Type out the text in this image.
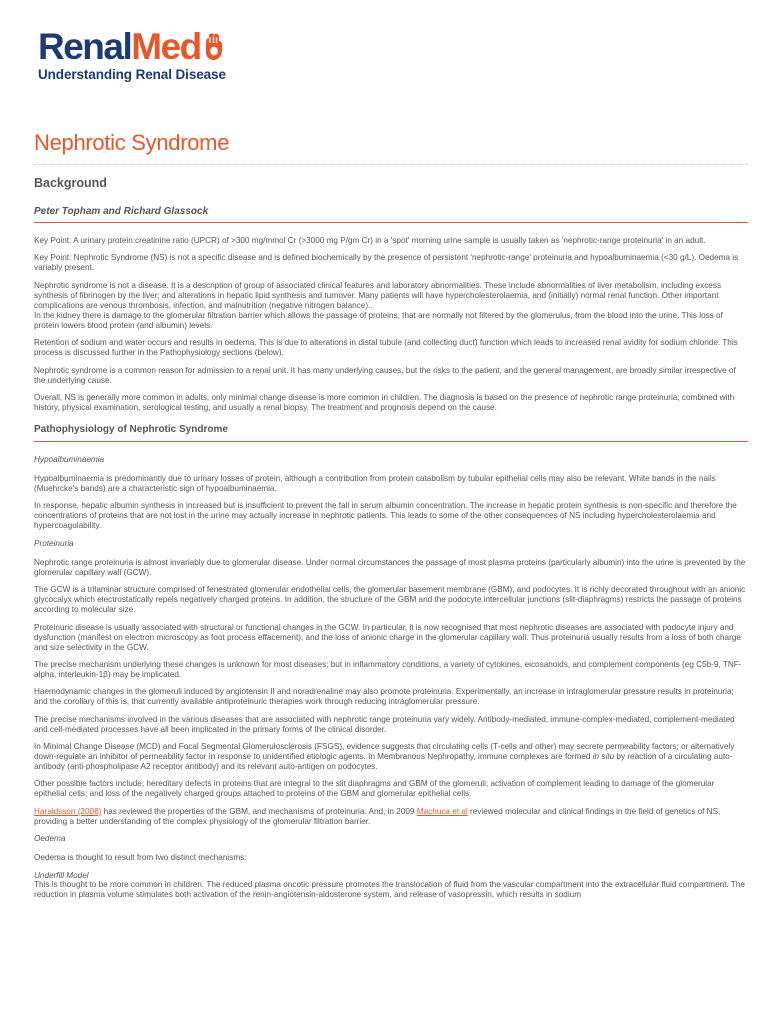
Renal Med
Understanding Renal Disease
Nephrotic Syndrome
Background
Peter Topham and Richard Glassock

Key Point: A urinary protein:creatinine ratio (UPCR) of >300 mg/mmol Cr (>3000 mg P/gm Cr) in a 'spot' morning urine sample is usually taken as 'nephrotic-range proteinuria' in an adult.

Key Point: Nephrotic Syndrome (NS) is not a specific disease and is defined biochemically by the presence of persistent 'nephrotic-range' proteinuria and hypoalbuminaemia (<30 g/L). Oedema is variably present.

Nephrotic syndrome is not a disease. It is a description of group of associated clinical features and laboratory abnormalities. These include abnormalities of liver metabolism, including excess synthesis of fibrinogen by the liver; and alterations in hepatic lipid synthesis and turnover. Many patients will have hypercholesterolaemia, and (initially) normal renal function. Other important complications are venous thrombosis, infection, and malnutrition (negative nitrogen balance)..
In the kidney there is damage to the glomerular filtration barrier which allows the passage of proteins, that are normally not filtered by the glomerulus, from the blood into the urine. This loss of protein lowers blood protein (and albumin) levels.

Retention of sodium and water occurs and results in oedema. This is due to alterations in distal tubule (and collecting duct) function which leads to increased renal avidity for sodium chloride. This process is discussed further in the Pathophysiology sections (below).

Nephrotic syndrome is a common reason for admission to a renal unit. It has many underlying causes, but the risks to the patient, and the general management, are broadly similar irrespective of the underlying cause.

Overall, NS is generally more common in adults; only minimal change disease is more common in children. The diagnosis is based on the presence of nephrotic range proteinuria; combined with history, physical examination, serological testing, and usually a renal biopsy. The treatment and prognosis depend on the cause.

Pathophysiology of Nephrotic Syndrome
Hypoalbuminaemia

Hypoalbuminaemia is predominantly due to urinary losses of protein, although a contribution from protein catabolism by tubular epithelial cells may also be relevant. White bands in the nails (Muehrcke's bands) are a characteristic sign of hypoalbuminaemia.

In response, hepatic albumin synthesis in increased but is insufficient to prevent the fall in serum albumin concentration. The increase in hepatic protein synthesis is non-specific and therefore the concentrations of proteins that are not lost in the urine may actually increase in nephrotic patients. This leads to some of the other consequences of NS including hypercholesterolaemia and hypercoagulability.

Proteinuria

Nephrotic range proteinuria is almost invariably due to glomerular disease. Under normal circumstances the passage of most plasma proteins (particularly albumin) into the urine is prevented by the glomerular capillary wall (GCW).

The GCW is a trilaminar structure comprised of fenestrated glomerular endothelial cells, the glomerular basement membrane (GBM), and podocytes. It is richly decorated throughout with an anionic glycocalyx which electrostatically repels negatively charged proteins. In addition, the structure of the GBM and the podocyte intercellular junctions (slit-diaphragms) restricts the passage of proteins according to molecular size.

Proteinuric disease is usually associated with structural or functional changes in the GCW. In particular, it is now recognised that most nephrotic diseases are associated with podocyte injury and dysfunction (manifest on electron microscopy as foot process effacement), and the loss of anionic charge in the glomerular capillary wall. Thus proteinuria usually results from a loss of both charge and size selectivity in the GCW.

The precise mechanism underlying these changes is unknown for most diseases; but in inflammatory conditions, a variety of cytokines, eicosanoids, and complement components (eg C5b-9, TNF-alpha, interleukin-1β) may be implicated.

Haemodynamic changes in the glomeruli induced by angiotensin II and noradrenaline may also promote proteinuria. Experimentally, an increase in intraglomerular pressure results in proteinuria; and the corollary of this is, that currently available antiproteinuric therapies work through reducing intraglomerular pressure.

The precise mechanisms involved in the various diseases that are associated with nephrotic range proteinuria vary widely. Antibody-mediated, immune-complex-mediated, complement-mediated and cell-mediated processes have all been implicated in the primary forms of the clinical disorder.

In Minimal Change Disease (MCD) and Focal Segmental Glomerulosclerosis (FSGS), evidence suggests that circulating cells (T-cells and other) may secrete permeability factors; or alternatively down-regulate an inhibitor of permeability factor in response to unidentified etiologic agents. In Membranous Nephropathy, immune complexes are formed in situ by reaction of a circulating auto-antibody (anti-phospholipase A2 receptor antibody) and its relevant auto-antigen on podocytes.

Other possible factors include; hereditary defects in proteins that are integral to the slit diaphragms and GBM of the glomeruli; activation of complement leading to damage of the glomerular epithelial cells; and loss of the negatively charged groups attached to proteins of the GBM and glomerular epithelial cells.

Haraldsson (2008) has reviewed the properties of the GBM, and mechanisms of proteinuria. And, in 2009 Machuca et al reviewed molecular and clinical findings in the field of genetics of NS, providing a better understanding of the complex physiology of the glomerular filtration barrier.

Oedema

Oedema is thought to result from two distinct mechanisms:

Underfill Model

This is thought to be more common in children. The reduced plasma oncotic pressure promotes the translocation of fluid from the vascular compartment into the extracellular fluid compartment. The reduction in plasma volume stimulates both activation of the renin-angiotensin-aldosterone system, and release of vasopressin, which results in sodium
